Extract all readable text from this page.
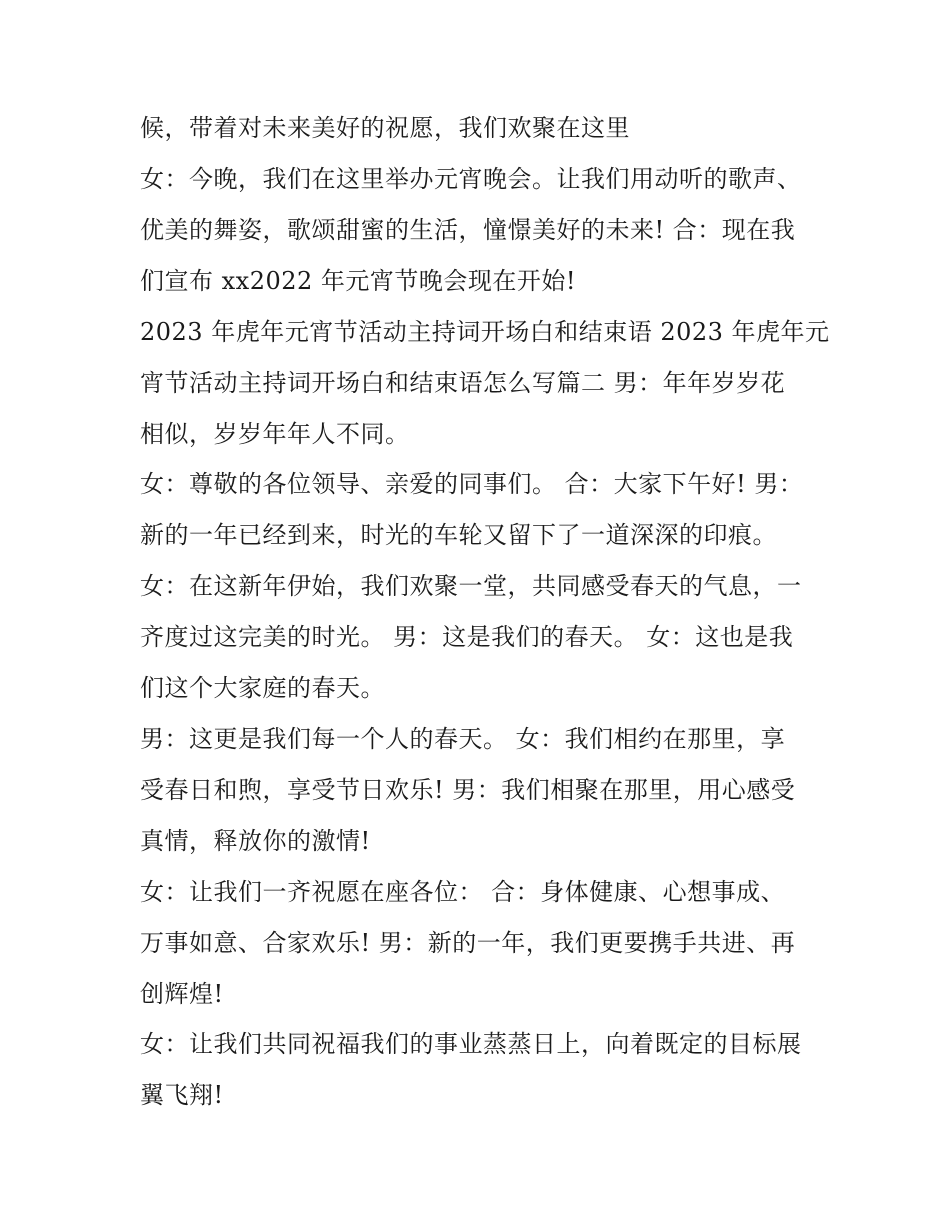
候，带着对未来美好的祝愿，我们欢聚在这里
女：今晚，我们在这里举办元宵晚会。让我们用动听的歌声、
优美的舞姿，歌颂甜蜜的生活，憧憬美好的未来! 合：现在我
们宣布 xx2022 年元宵节晚会现在开始!
2023 年虎年元宵节活动主持词开场白和结束语 2023 年虎年元
宵节活动主持词开场白和结束语怎么写篇二 男：年年岁岁花
相似，岁岁年年人不同。
女：尊敬的各位领导、亲爱的同事们。 合：大家下午好! 男：
新的一年已经到来，时光的车轮又留下了一道深深的印痕。
女：在这新年伊始，我们欢聚一堂，共同感受春天的气息，一
齐度过这完美的时光。 男：这是我们的春天。 女：这也是我
们这个大家庭的春天。
男：这更是我们每一个人的春天。 女：我们相约在那里，享
受春日和煦，享受节日欢乐! 男：我们相聚在那里，用心感受
真情，释放你的激情!
女：让我们一齐祝愿在座各位： 合：身体健康、心想事成、
万事如意、合家欢乐! 男：新的一年，我们更要携手共进、再
创辉煌!
女：让我们共同祝福我们的事业蒸蒸日上，向着既定的目标展
翼飞翔!
